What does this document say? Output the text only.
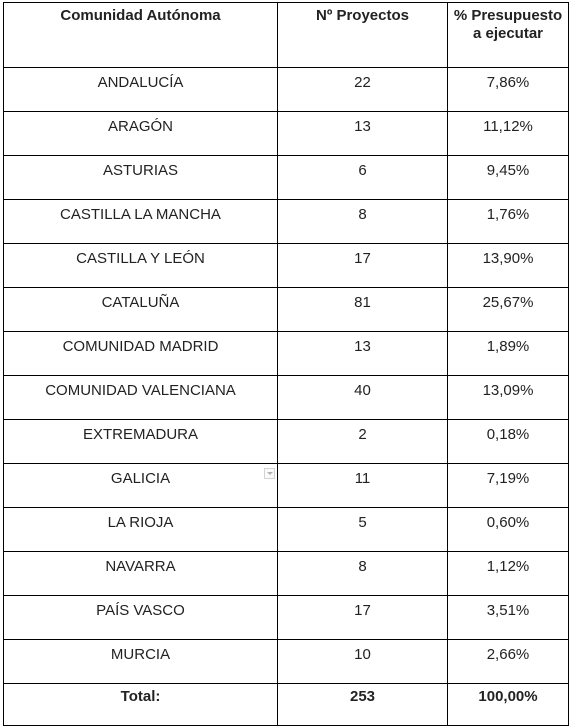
Comunidad Autónoma	Nº Proyectos	% Presupuesto a ejecutar
ANDALUCÍA	22	7,86%
ARAGÓN	13	11,12%
ASTURIAS	6	9,45%
CASTILLA LA MANCHA	8	1,76%
CASTILLA Y LEÓN	17	13,90%
CATALUÑA	81	25,67%
COMUNIDAD MADRID	13	1,89%
COMUNIDAD VALENCIANA	40	13,09%
EXTREMADURA	2	0,18%
GALICIA	11	7,19%
LA RIOJA	5	0,60%
NAVARRA	8	1,12%
PAÍS VASCO	17	3,51%
MURCIA	10	2,66%
Total:	253	100,00%
